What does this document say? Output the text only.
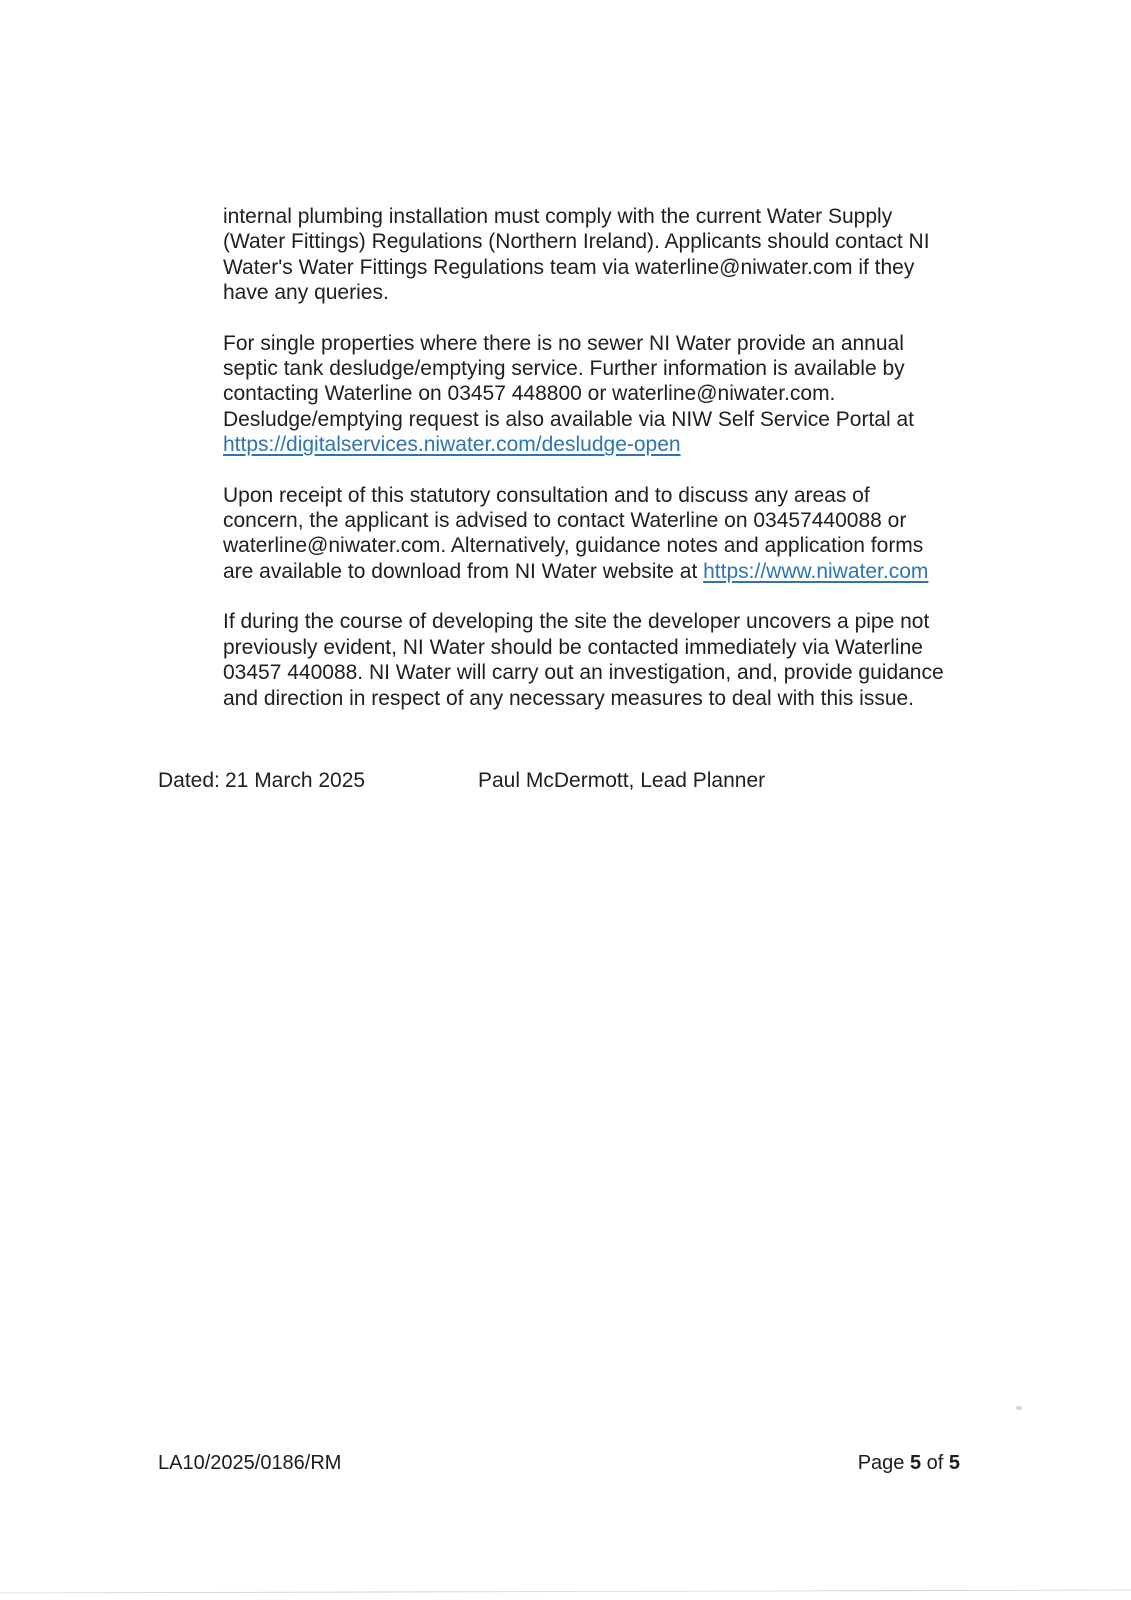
internal plumbing installation must comply with the current Water Supply
(Water Fittings) Regulations (Northern Ireland). Applicants should contact NI
Water's Water Fittings Regulations team via waterline@niwater.com if they
have any queries.

For single properties where there is no sewer NI Water provide an annual
septic tank desludge/emptying service. Further information is available by
contacting Waterline on 03457 448800 or waterline@niwater.com.
Desludge/emptying request is also available via NIW Self Service Portal at
https://digitalservices.niwater.com/desludge-open

Upon receipt of this statutory consultation and to discuss any areas of
concern, the applicant is advised to contact Waterline on 03457440088 or
waterline@niwater.com. Alternatively, guidance notes and application forms
are available to download from NI Water website at https://www.niwater.com

If during the course of developing the site the developer uncovers a pipe not
previously evident, NI Water should be contacted immediately via Waterline
03457 440088. NI Water will carry out an investigation, and, provide guidance
and direction in respect of any necessary measures to deal with this issue.

Dated: 21 March 2025	Paul McDermott, Lead Planner
LA10/2025/0186/RM	Page 5 of 5
